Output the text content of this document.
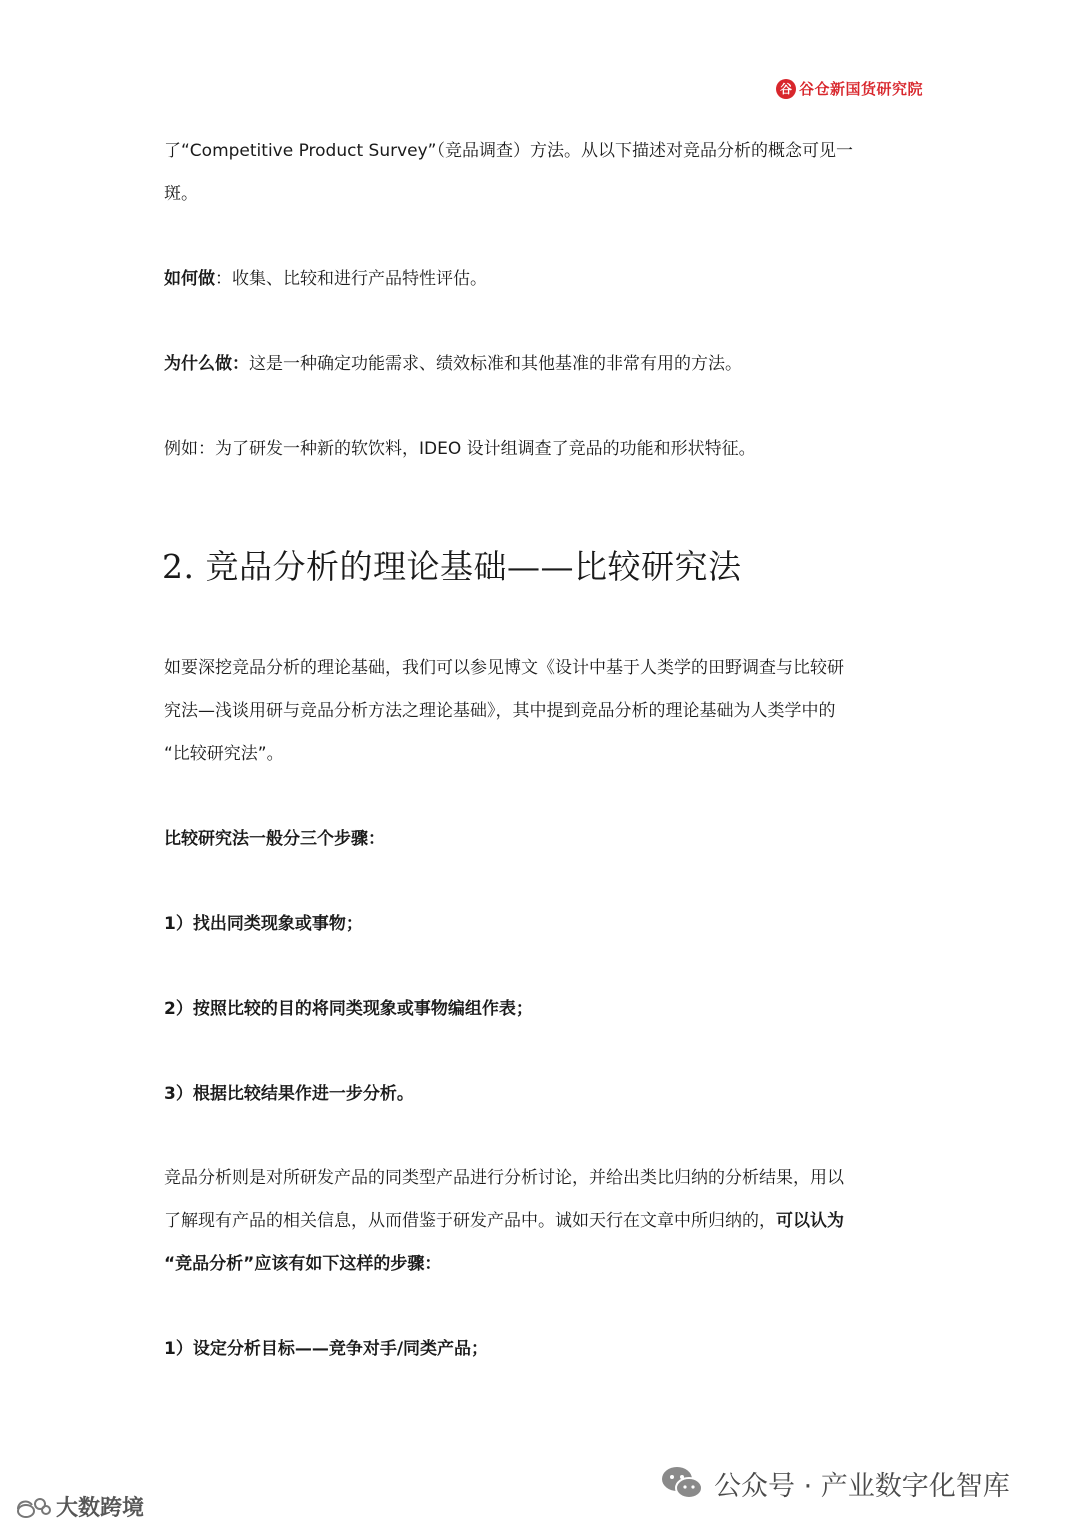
谷 谷仓新国货研究院

了“Competitive Product Survey”（竞品调查）方法。从以下描述对竞品分析的概念可见一
斑。

如何做：收集、比较和进行产品特性评估。

为什么做：这是一种确定功能需求、绩效标准和其他基准的非常有用的方法。

例如：为了研发一种新的软饮料，IDEO 设计组调查了竞品的功能和形状特征。

2. 竞品分析的理论基础——比较研究法

如要深挖竞品分析的理论基础，我们可以参见博文《设计中基于人类学的田野调查与比较研
究法—浅谈用研与竞品分析方法之理论基础》，其中提到竞品分析的理论基础为人类学中的
“比较研究法”。

比较研究法一般分三个步骤：

1）找出同类现象或事物；

2）按照比较的目的将同类现象或事物编组作表；

3）根据比较结果作进一步分析。

竞品分析则是对所研发产品的同类型产品进行分析讨论，并给出类比归纳的分析结果，用以
了解现有产品的相关信息，从而借鉴于研发产品中。诚如天行在文章中所归纳的，可以认为
“竞品分析”应该有如下这样的步骤：

1）设定分析目标——竞争对手/同类产品；

公众号 · 产业数字化智库
大数跨境
